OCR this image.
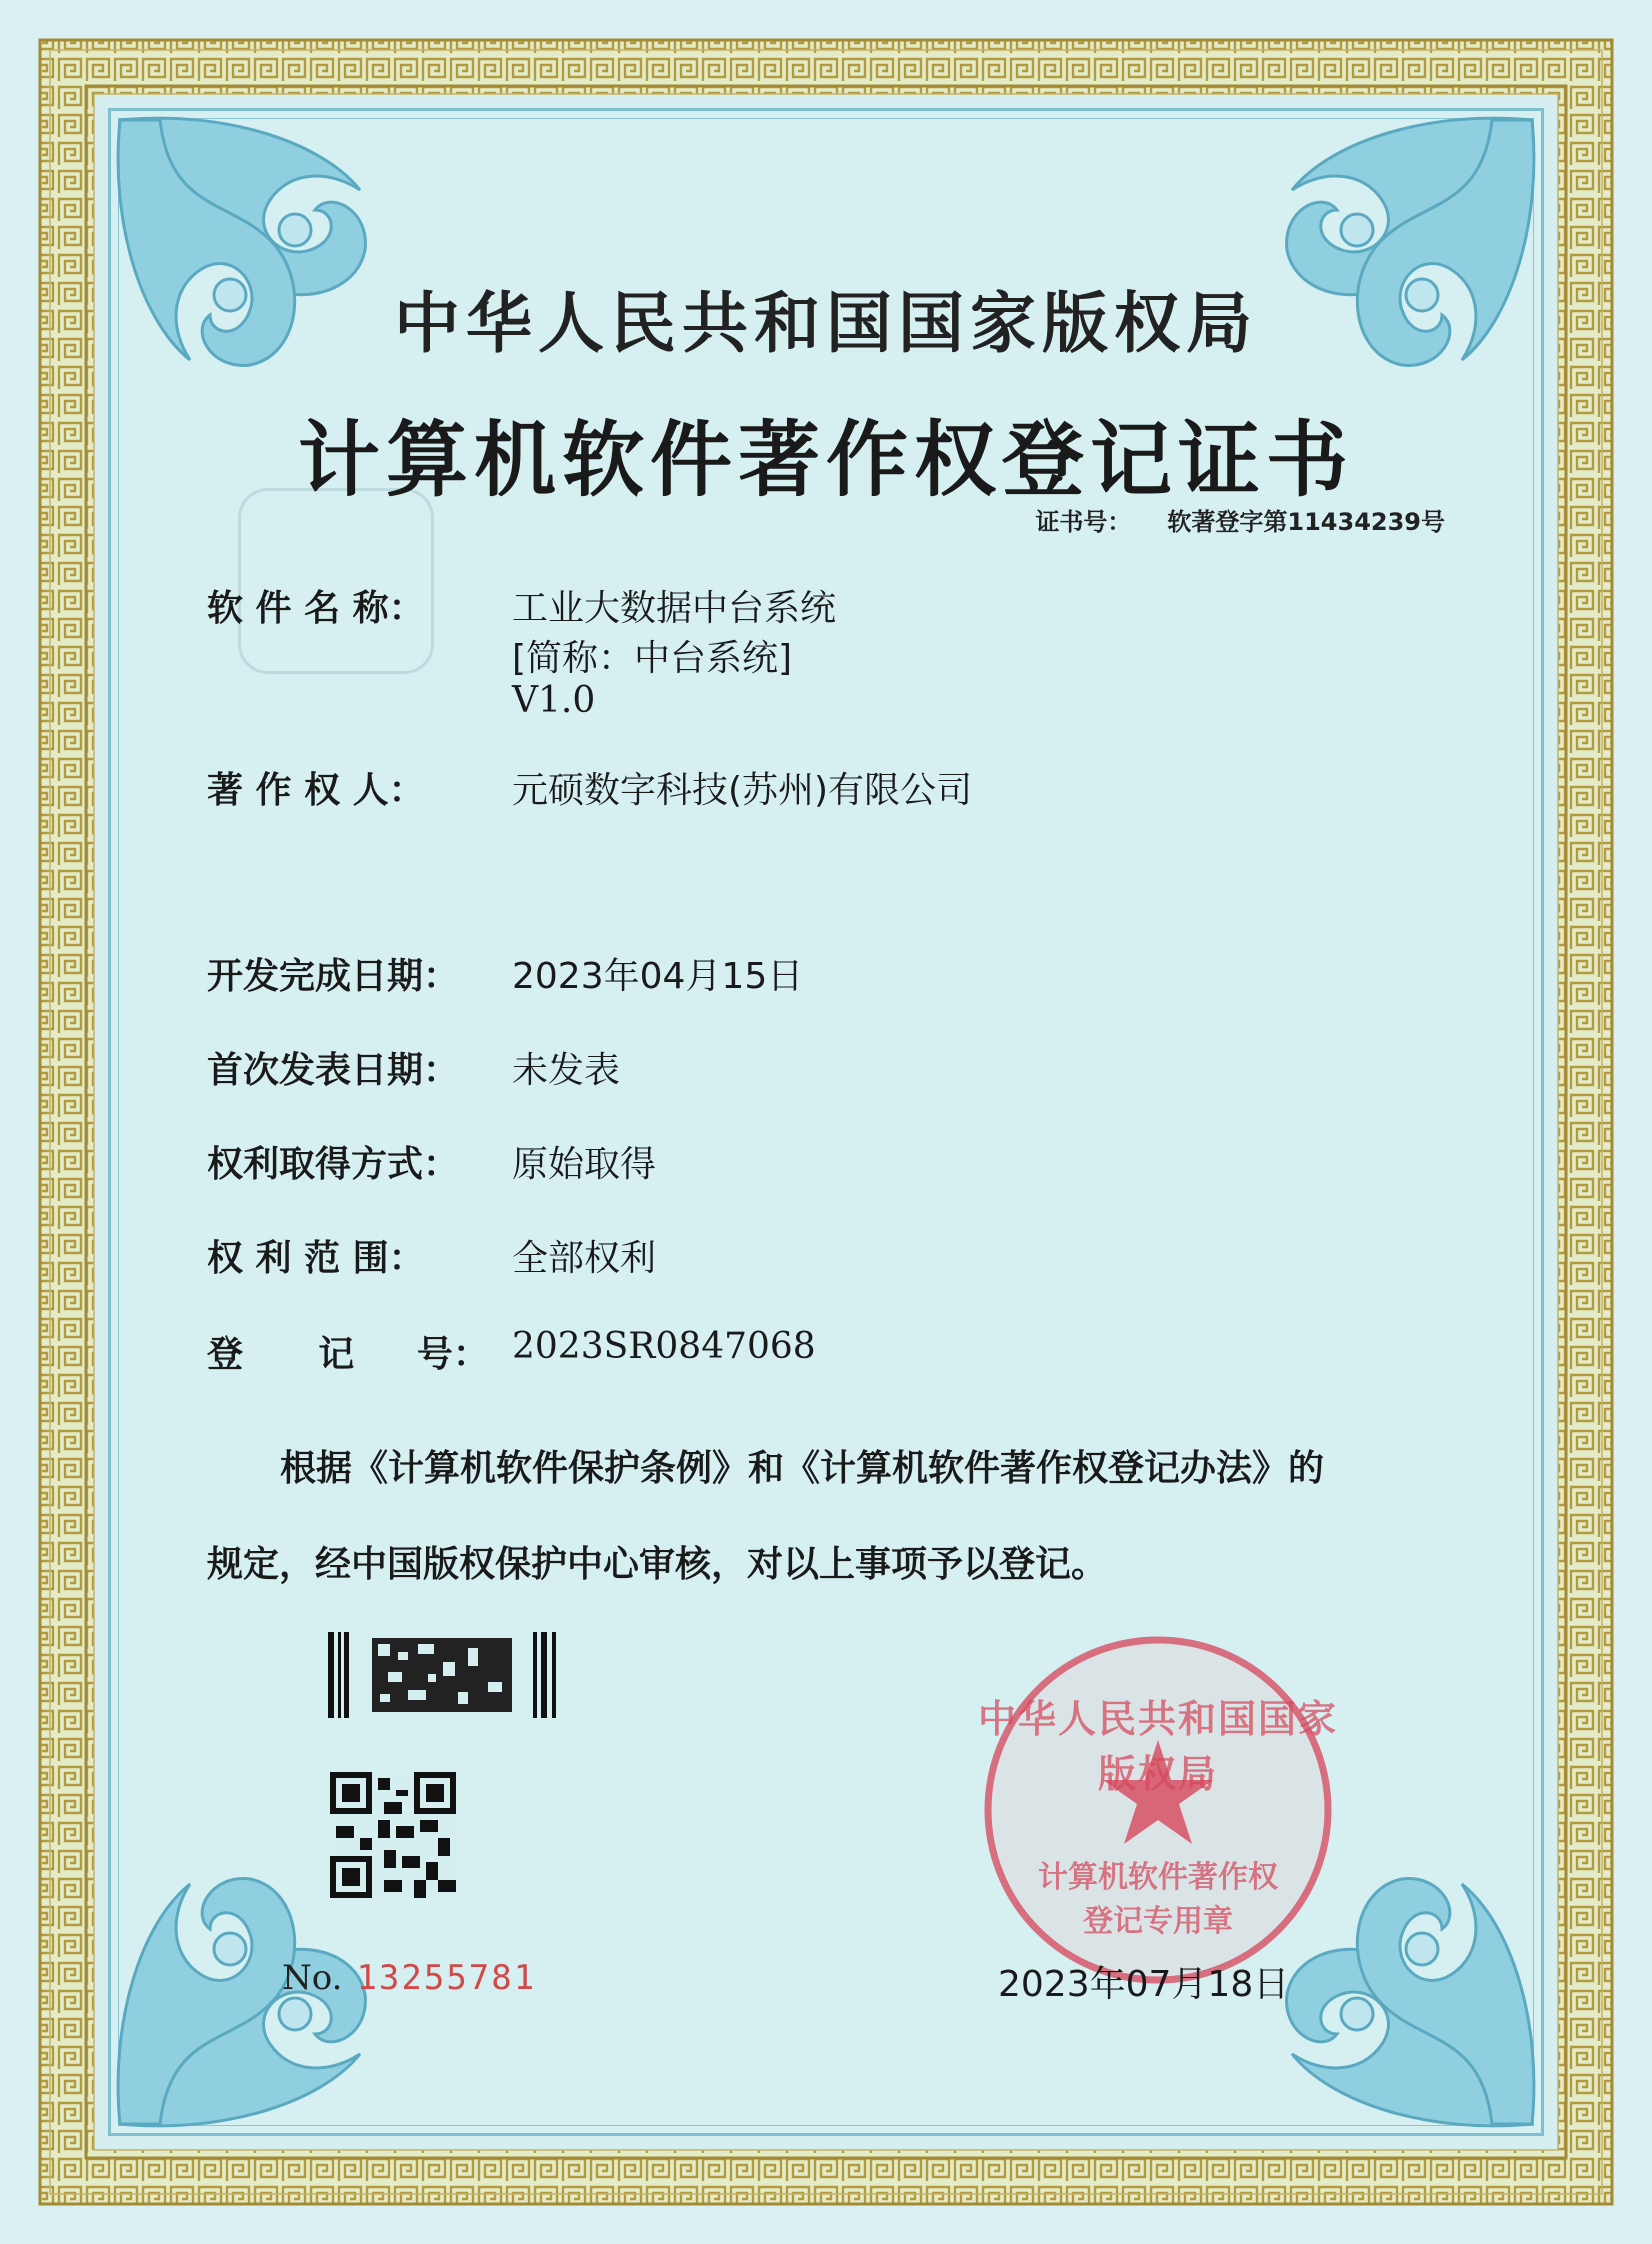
中华人民共和国国家版权局
计算机软件著作权登记证书
证书号： 软著登字第11434239号
软 件 名 称： 工业大数据中台系统
[简称：中台系统]
V1.0
著 作 权 人： 元硕数字科技(苏州)有限公司
开发完成日期： 2023年04月15日
首次发表日期： 未发表
权利取得方式： 原始取得
权 利 范 围： 全部权利
登      记     号： 2023SR0847068
根据《计算机软件保护条例》和《计算机软件著作权登记办法》的
规定，经中国版权保护中心审核，对以上事项予以登记。
No. 13255781
中华人民共和国国家版权局
计算机软件著作权
登记专用章
2023年07月18日
